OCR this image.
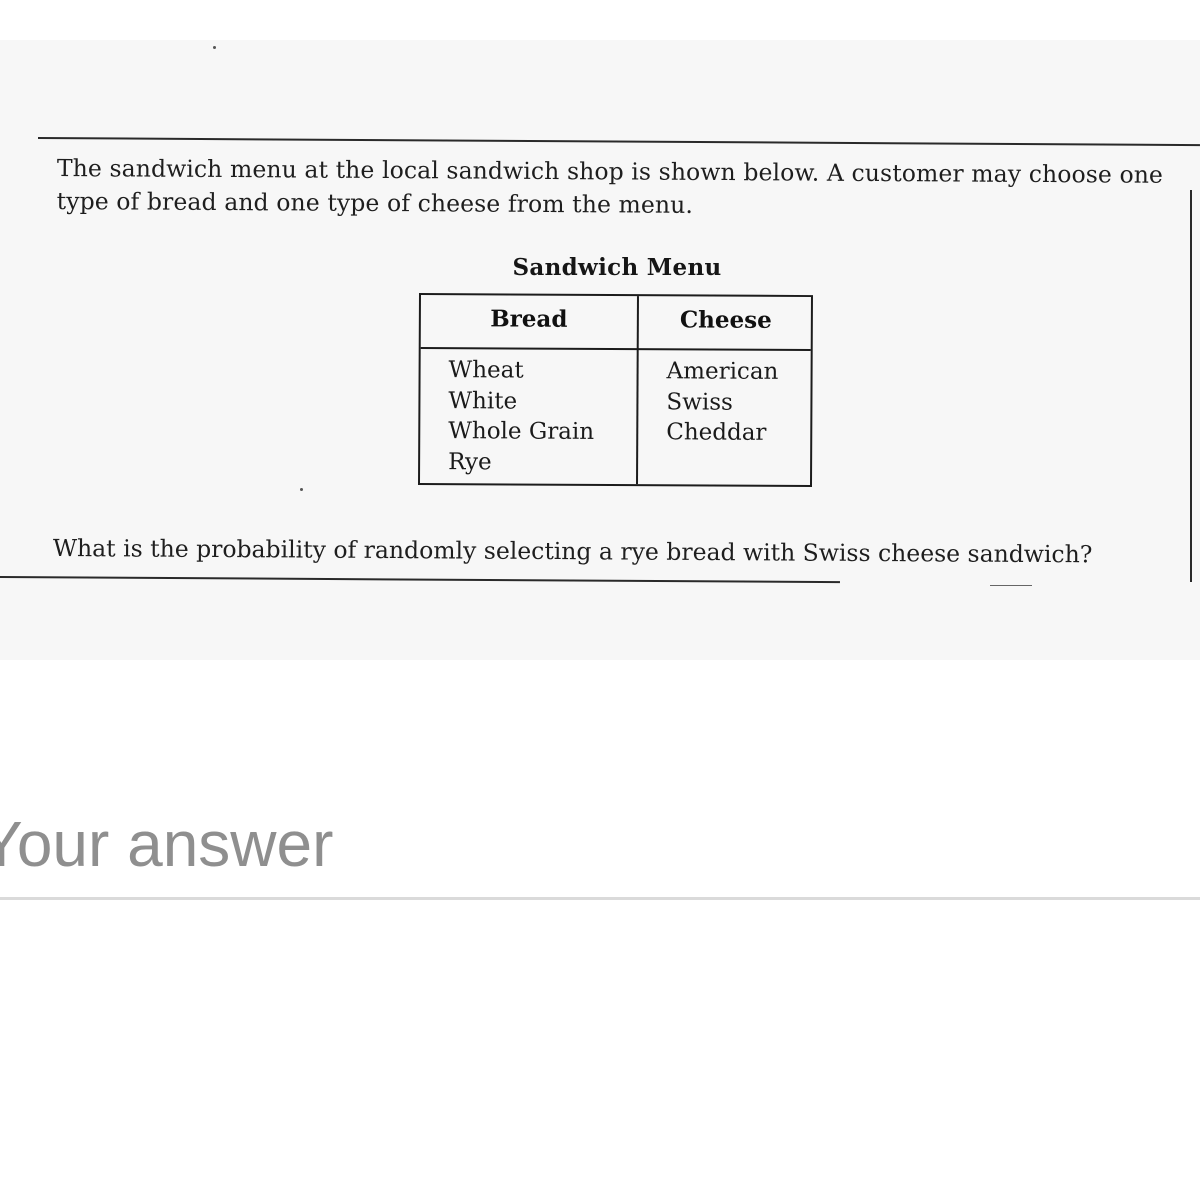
The sandwich menu at the local sandwich shop is shown below. A customer may choose one type of bread and one type of cheese from the menu.

Sandwich Menu

Bread	Cheese
Wheat
White
Whole Grain
Rye
American
Swiss
Cheddar

What is the probability of randomly selecting a rye bread with Swiss cheese sandwich?

Your answer
